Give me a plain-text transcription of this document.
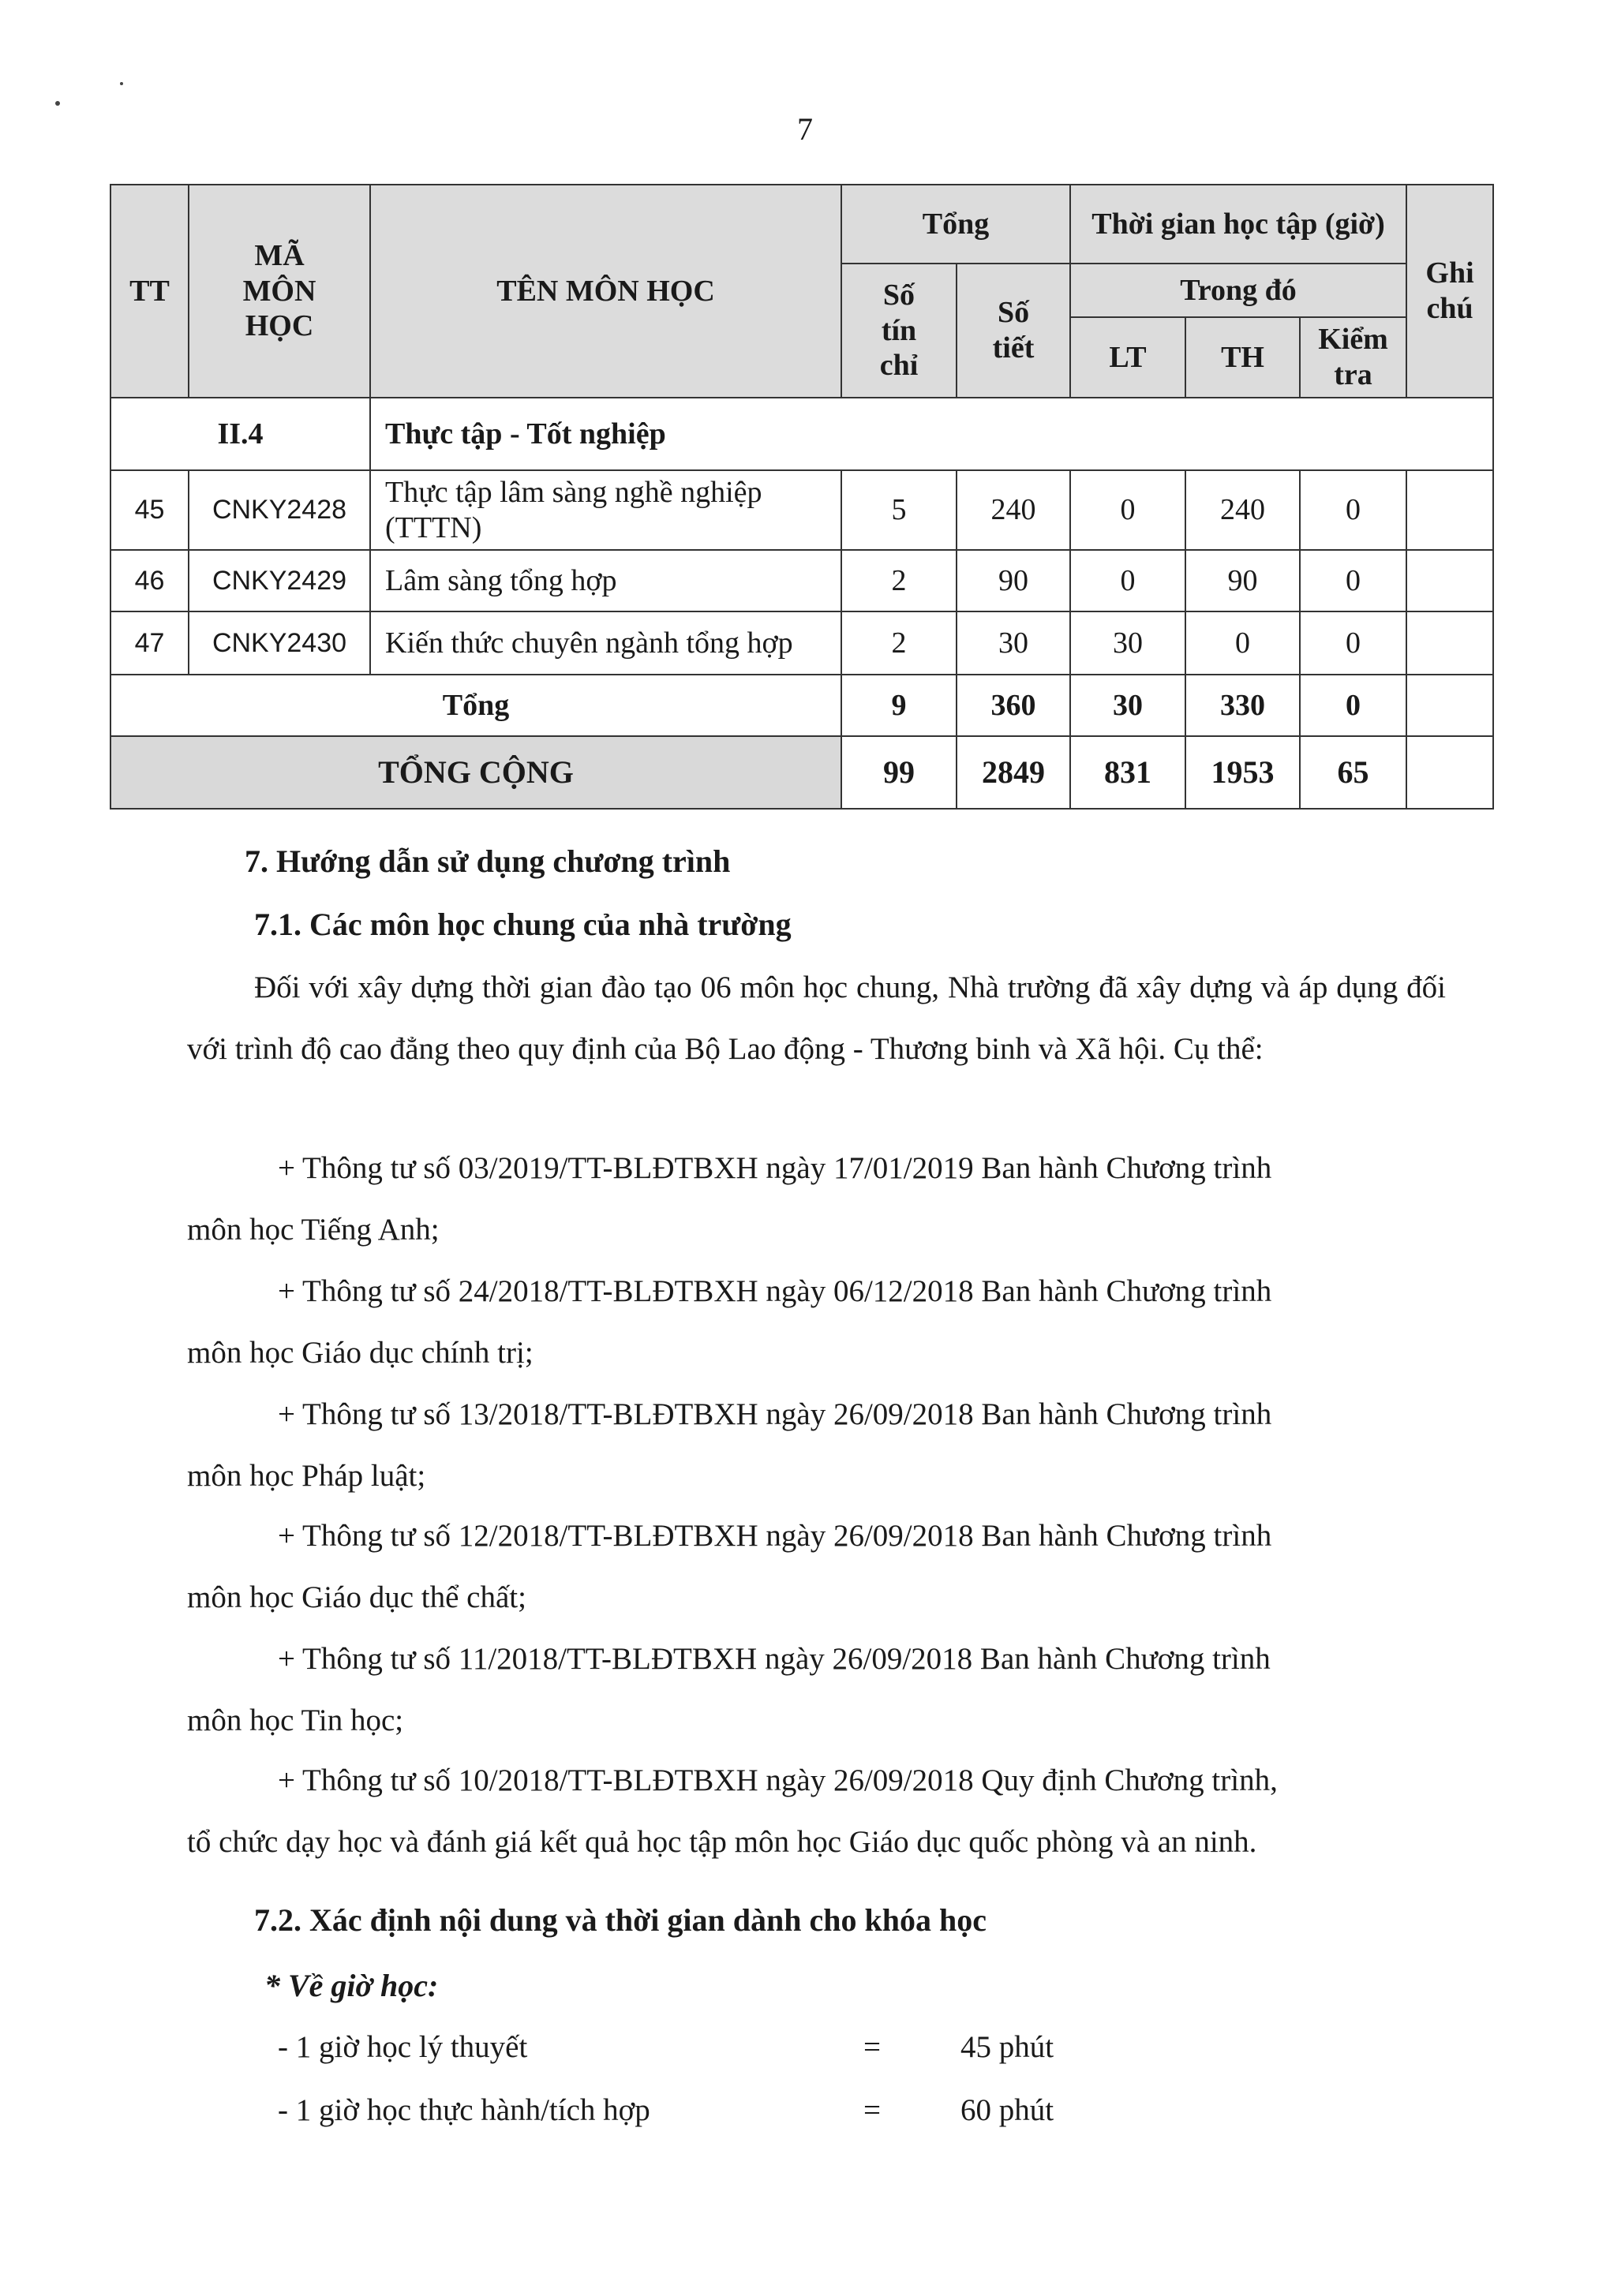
7
TT	MÃ
MÔN
HỌC	TÊN MÔN HỌC	Tổng		Thời gian học tập (giờ)			Ghi
chú
			Số
tín
chỉ	Số
tiết	Trong đó			
					LT	TH	Kiểm
tra	
II.4		Thực tập - Tốt nghiệp						
45	CNKY2428	Thực tập lâm sàng nghề nghiệp
(TTTN)	5	240	0	240	0	
46	CNKY2429	Lâm sàng tổng hợp	2	90	0	90	0	
47	CNKY2430	Kiến thức chuyên ngành tổng hợp	2	30	30	0	0	
Tổng			9	360	30	330	0	
TỔNG CỘNG			99	2849	831	1953	65	
7. Hướng dẫn sử dụng chương trình
7.1. Các môn học chung của nhà trường
Đối với xây dựng thời gian đào tạo 06 môn học chung, Nhà trường đã xây dựng và áp dụng đối với trình độ cao đẳng theo quy định của Bộ Lao động - Thương binh và Xã hội. Cụ thể:
+ Thông tư số 03/2019/TT-BLĐTBXH ngày 17/01/2019 Ban hành Chương trình
môn học Tiếng Anh;
+ Thông tư số 24/2018/TT-BLĐTBXH ngày 06/12/2018 Ban hành Chương trình
môn học Giáo dục chính trị;
+ Thông tư số 13/2018/TT-BLĐTBXH ngày 26/09/2018 Ban hành Chương trình
môn học Pháp luật;
+ Thông tư số 12/2018/TT-BLĐTBXH ngày 26/09/2018 Ban hành Chương trình
môn học Giáo dục thể chất;
+ Thông tư số 11/2018/TT-BLĐTBXH ngày 26/09/2018 Ban hành Chương trình
môn học Tin học;
+ Thông tư số 10/2018/TT-BLĐTBXH ngày 26/09/2018 Quy định Chương trình,
tổ chức dạy học và đánh giá kết quả học tập môn học Giáo dục quốc phòng và an ninh.
7.2. Xác định nội dung và thời gian dành cho khóa học
* Về giờ học:
- 1 giờ học lý thuyết	=	45 phút
- 1 giờ học thực hành/tích hợp	=	60 phút
